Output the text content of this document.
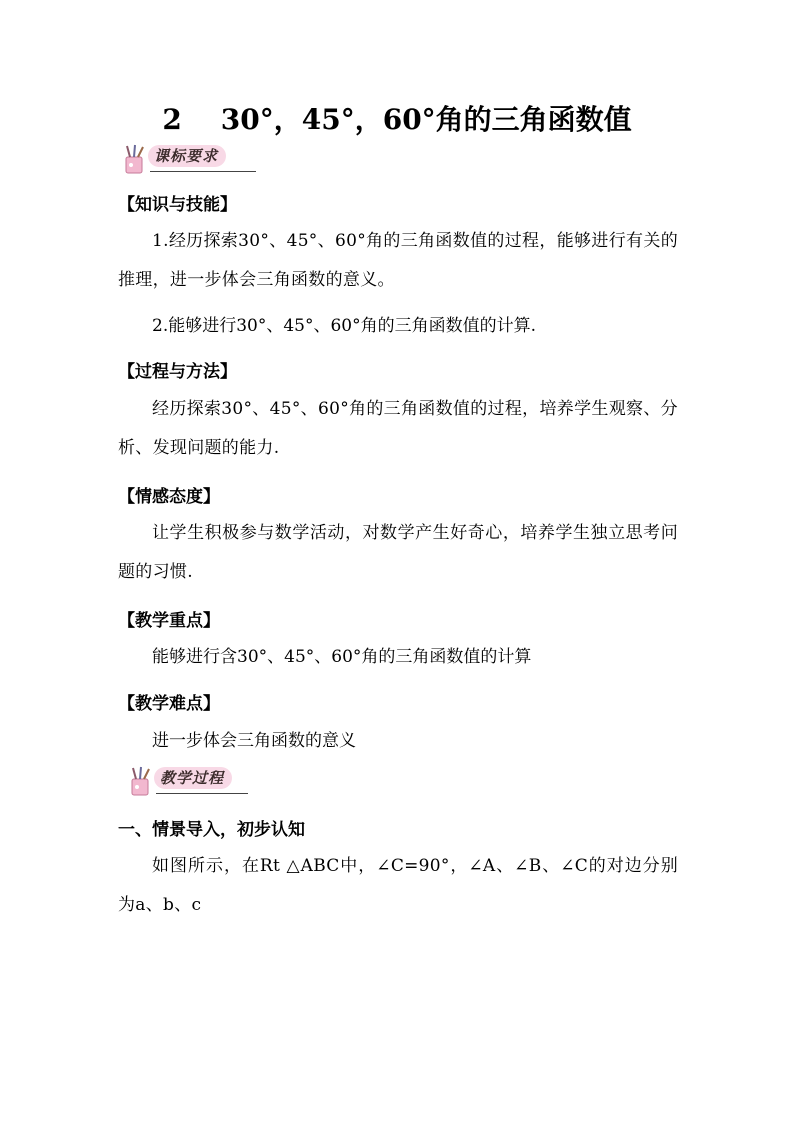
2    30°，45°，60°角的三角函数值
课标要求
【知识与技能】
1.经历探索30°、45°、60°角的三角函数值的过程，能够进行有关的推理，进一步体会三角函数的意义。
2.能够进行30°、45°、60°角的三角函数值的计算.
【过程与方法】
经历探索30°、45°、60°角的三角函数值的过程，培养学生观察、分析、发现问题的能力.
【情感态度】
让学生积极参与数学活动，对数学产生好奇心，培养学生独立思考问题的习惯.
【教学重点】
能够进行含30°、45°、60°角的三角函数值的计算
【教学难点】
进一步体会三角函数的意义
教学过程
一、情景导入，初步认知
如图所示，在Rt △ABC中，∠C=90°，∠A、∠B、∠C的对边分别为a、b、c
